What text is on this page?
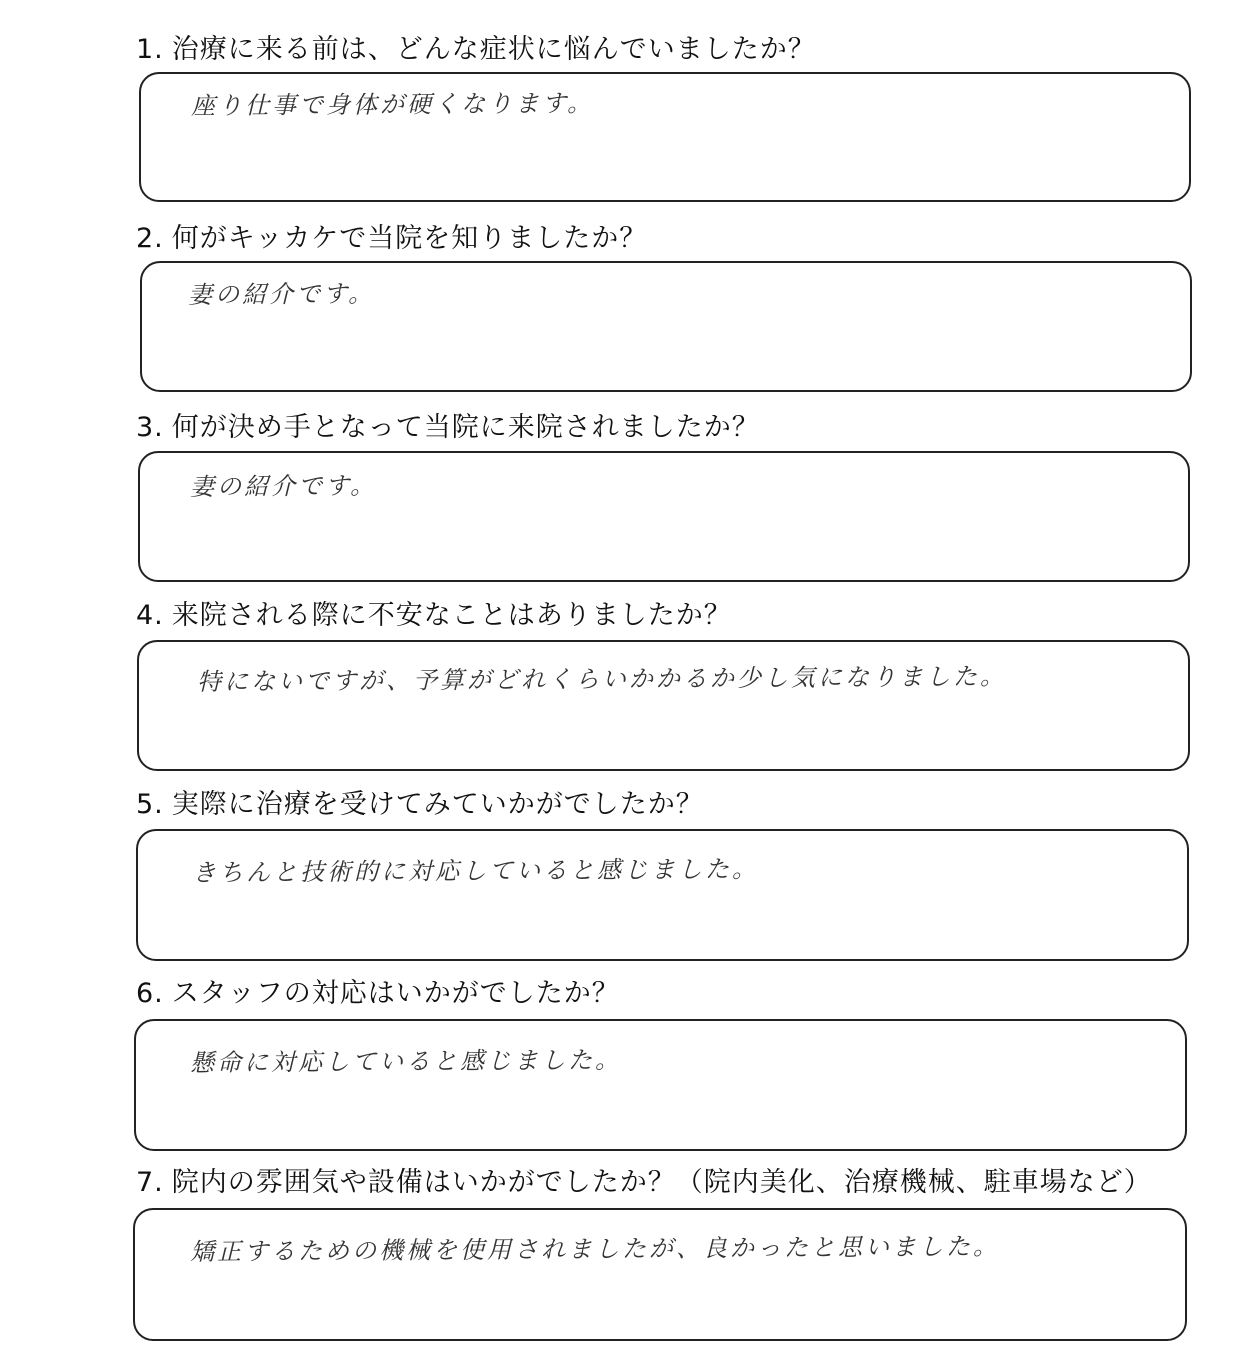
1. 治療に来る前は、どんな症状に悩んでいましたか？
座り仕事で身体が硬くなります。
2. 何がキッカケで当院を知りましたか？
妻の紹介です。
3. 何が決め手となって当院に来院されましたか？
妻の紹介です。
4. 来院される際に不安なことはありましたか？
特にないですが、予算がどれくらいかかるか少し気になりました。
5. 実際に治療を受けてみていかがでしたか？
きちんと技術的に対応していると感じました。
6. スタッフの対応はいかがでしたか？
懸命に対応していると感じました。
7. 院内の雰囲気や設備はいかがでしたか？（院内美化、治療機械、駐車場など）
矯正するための機械を使用されましたが、良かったと思いました。
